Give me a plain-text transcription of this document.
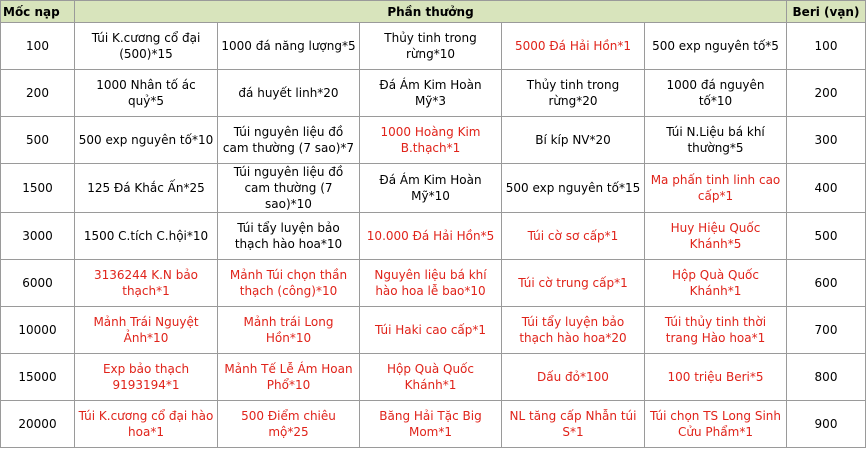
Mốc nạp	Phần thưởng					Beri (vạn)
100	Túi K.cương cổ đại (500)*15	1000 đá năng lượng*5	Thủy tinh trong rừng*10	5000 Đá Hải Hồn*1	500 exp nguyên tố*5	100
200	1000 Nhân tố ác quỷ*5	đá huyết linh*20	Đá Ám Kim Hoàn Mỹ*3	Thủy tinh trong rừng*20	1000 đá nguyên tố*10	200
500	500 exp nguyên tố*10	Túi nguyên liệu đồ cam thường (7 sao)*7	1000 Hoàng Kim B.thạch*1	Bí kíp NV*20	Túi N.Liệu bá khí thường*5	300
1500	125 Đá Khắc Ấn*25	Túi nguyên liệu đồ cam thường (7 sao)*10	Đá Ám Kim Hoàn Mỹ*10	500 exp nguyên tố*15	Ma phấn tinh linh cao cấp*1	400
3000	1500 C.tích C.hội*10	Túi tẩy luyện bảo thạch hào hoa*10	10.000 Đá Hải Hồn*5	Túi cờ sơ cấp*1	Huy Hiệu Quốc Khánh*5	500
6000	3136244 K.N bảo thạch*1	Mảnh Túi chọn thần thạch (công)*10	Nguyên liệu bá khí hào hoa lễ bao*10	Túi cờ trung cấp*1	Hộp Quà Quốc Khánh*1	600
10000	Mảnh Trái Nguyệt Ảnh*10	Mảnh trái Long Hồn*10	Túi Haki cao cấp*1	Túi tẩy luyện bảo thạch hào hoa*20	Túi thủy tinh thời trang Hào hoa*1	700
15000	Exp bảo thạch 9193194*1	Mảnh Tế Lễ Ám Hoan Phổ*10	Hộp Quà Quốc Khánh*1	Dấu đỏ*100	100 triệu Beri*5	800
20000	Túi K.cương cổ đại hào hoa*1	500 Điểm chiêu mộ*25	Băng Hải Tặc Big Mom*1	NL tăng cấp Nhẫn túi S*1	Túi chọn TS Long Sinh Cửu Phẩm*1	900
